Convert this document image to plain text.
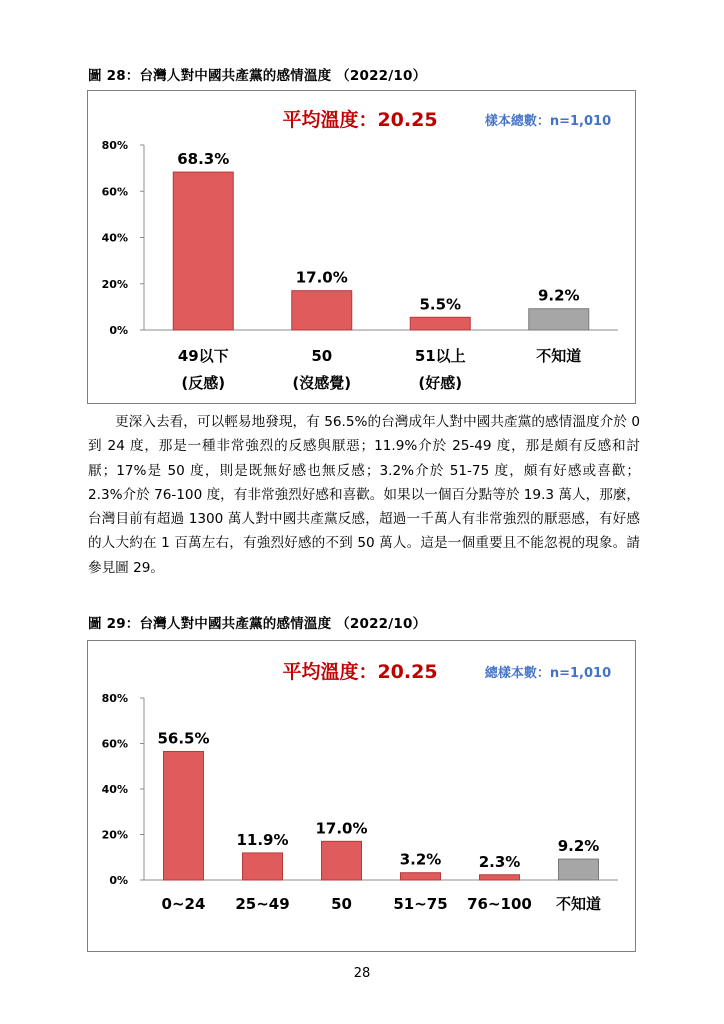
圖 28：台灣人對中國共產黨的感情溫度 （2022/10）
平均溫度：20.25	樣本總數：n=1,010
0%
20%
40%
60%
80%
68.3%
49以下
(反感)
17.0%
50
(沒感覺)
5.5%
51以上
(好感)
9.2%
不知道

更深入去看，可以輕易地發現，有 56.5%的台灣成年人對中國共產黨的感情溫度介於 0 到 24 度，那是一種非常強烈的反感與厭惡；11.9%介於 25-49 度，那是頗有反感和討厭；17%是 50 度，則是既無好感也無反感；3.2%介於 51-75 度，頗有好感或喜歡；2.3%介於 76-100 度，有非常強烈好感和喜歡。如果以一個百分點等於 19.3 萬人，那麼，台灣目前有超過 1300 萬人對中國共產黨反感，超過一千萬人有非常強烈的厭惡感，有好感的人大約在 1 百萬左右，有強烈好感的不到 50 萬人。這是一個重要且不能忽視的現象。請參見圖 29。

圖 29：台灣人對中國共產黨的感情溫度 （2022/10）
平均溫度：20.25	總樣本數：n=1,010
0%
20%
40%
60%
80%
56.5%
0~24
11.9%
25~49
17.0%
50
3.2%
51~75
2.3%
76~100
9.2%
不知道
28
